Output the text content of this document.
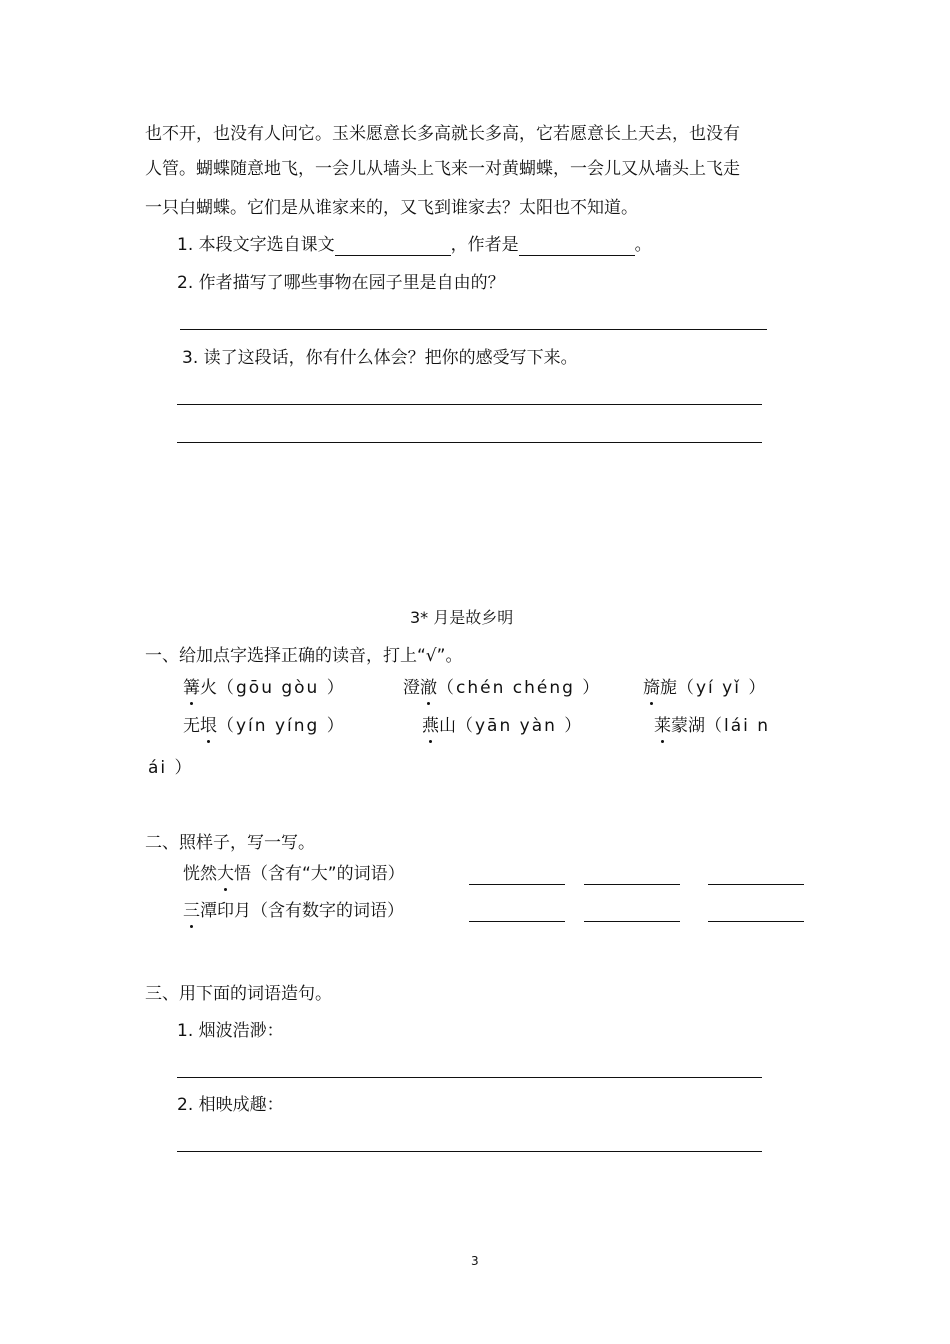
也不开，也没有人问它。玉米愿意长多高就长多高，它若愿意长上天去，也没有
人管。蝴蝶随意地飞，一会儿从墙头上飞来一对黄蝴蝶，一会儿又从墙头上飞走
一只白蝴蝶。它们是从谁家来的，又飞到谁家去？太阳也不知道。
1. 本段文字选自课文	，作者是	。
2. 作者描写了哪些事物在园子里是自由的？
3. 读了这段话，你有什么体会？把你的感受写下来。
3* 月是故乡明
一、给加点字选择正确的读音，打上“√”。
篝火（gōu gòu ）	澄澈（chén chéng ） 旖旎（yí yǐ ）
无垠（yín yíng ）	燕山（yān yàn ）	莱蒙湖（lái n
ái ）
二、照样子，写一写。
恍然大悟（含有“大”的词语）
三潭印月（含有数字的词语）
三、用下面的词语造句。
1. 烟波浩渺：
2. 相映成趣：
3
